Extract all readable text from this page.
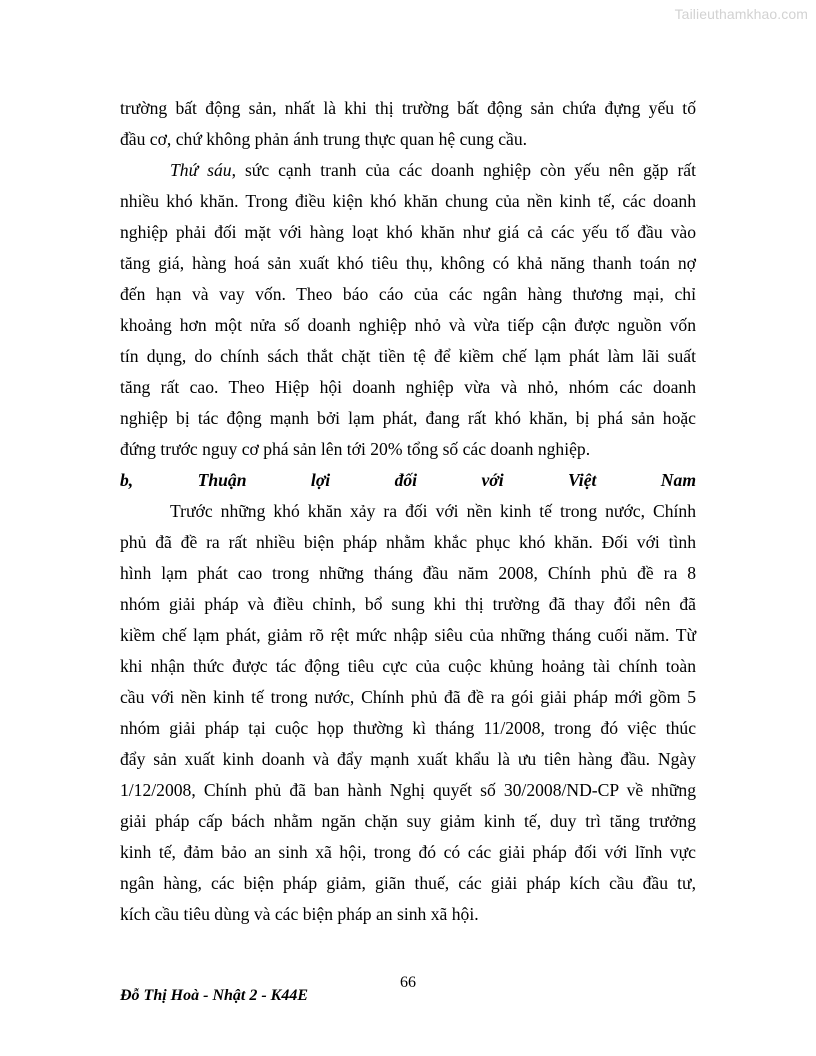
Tailieuthamkhao.com

trường bất động sản, nhất là khi thị trường bất động sản chứa đựng yếu tố

đầu cơ, chứ không phản ánh trung thực quan hệ cung cầu.

Thứ sáu, sức cạnh tranh của các doanh nghiệp còn yếu nên gặp rất

nhiều khó khăn. Trong điều kiện khó khăn chung của nền kinh tế, các doanh

nghiệp phải đối mặt với hàng loạt khó khăn như giá cả các yếu tố đầu vào

tăng giá, hàng hoá sản xuất khó tiêu thụ, không có khả năng thanh toán nợ

đến hạn và vay vốn. Theo báo cáo của các ngân hàng thương mại, chỉ

khoảng hơn một nửa số doanh nghiệp nhỏ và vừa tiếp cận được nguồn vốn

tín dụng, do chính sách thắt chặt tiền tệ để kiềm chế lạm phát làm lãi suất

tăng rất cao. Theo Hiệp hội doanh nghiệp vừa và nhỏ, nhóm các doanh

nghiệp bị tác động mạnh bởi lạm phát, đang rất khó khăn, bị phá sản hoặc

đứng trước nguy cơ phá sản lên tới 20% tổng số các doanh nghiệp.

b, Thuận lợi đối với Việt Nam

Trước những khó khăn xảy ra đối với nền kinh tế trong nước, Chính

phủ đã đề ra rất nhiều biện pháp nhằm khắc phục khó khăn. Đối với tình

hình lạm phát cao trong những tháng đầu năm 2008, Chính phủ đề ra 8

nhóm giải pháp và điều chỉnh, bổ sung khi thị trường đã thay đổi nên đã

kiềm chế lạm phát, giảm rõ rệt mức nhập siêu của những tháng cuối năm. Từ

khi nhận thức được tác động tiêu cực của cuộc khủng hoảng tài chính toàn

cầu với nền kinh tế trong nước, Chính phủ đã đề ra gói giải pháp mới gồm 5

nhóm giải pháp tại cuộc họp thường kì tháng 11/2008, trong đó việc thúc

đẩy sản xuất kinh doanh và đẩy mạnh xuất khẩu là ưu tiên hàng đầu. Ngày

1/12/2008, Chính phủ đã ban hành Nghị quyết số 30/2008/ND-CP về những

giải pháp cấp bách nhằm ngăn chặn suy giảm kinh tế, duy trì tăng trưởng

kinh tế, đảm bảo an sinh xã hội, trong đó có các giải pháp đối với lĩnh vực

ngân hàng, các biện pháp giảm, giãn thuế, các giải pháp kích cầu đầu tư,

kích cầu tiêu dùng và các biện pháp an sinh xã hội.

66
Đỗ Thị Hoà - Nhật 2 - K44E
